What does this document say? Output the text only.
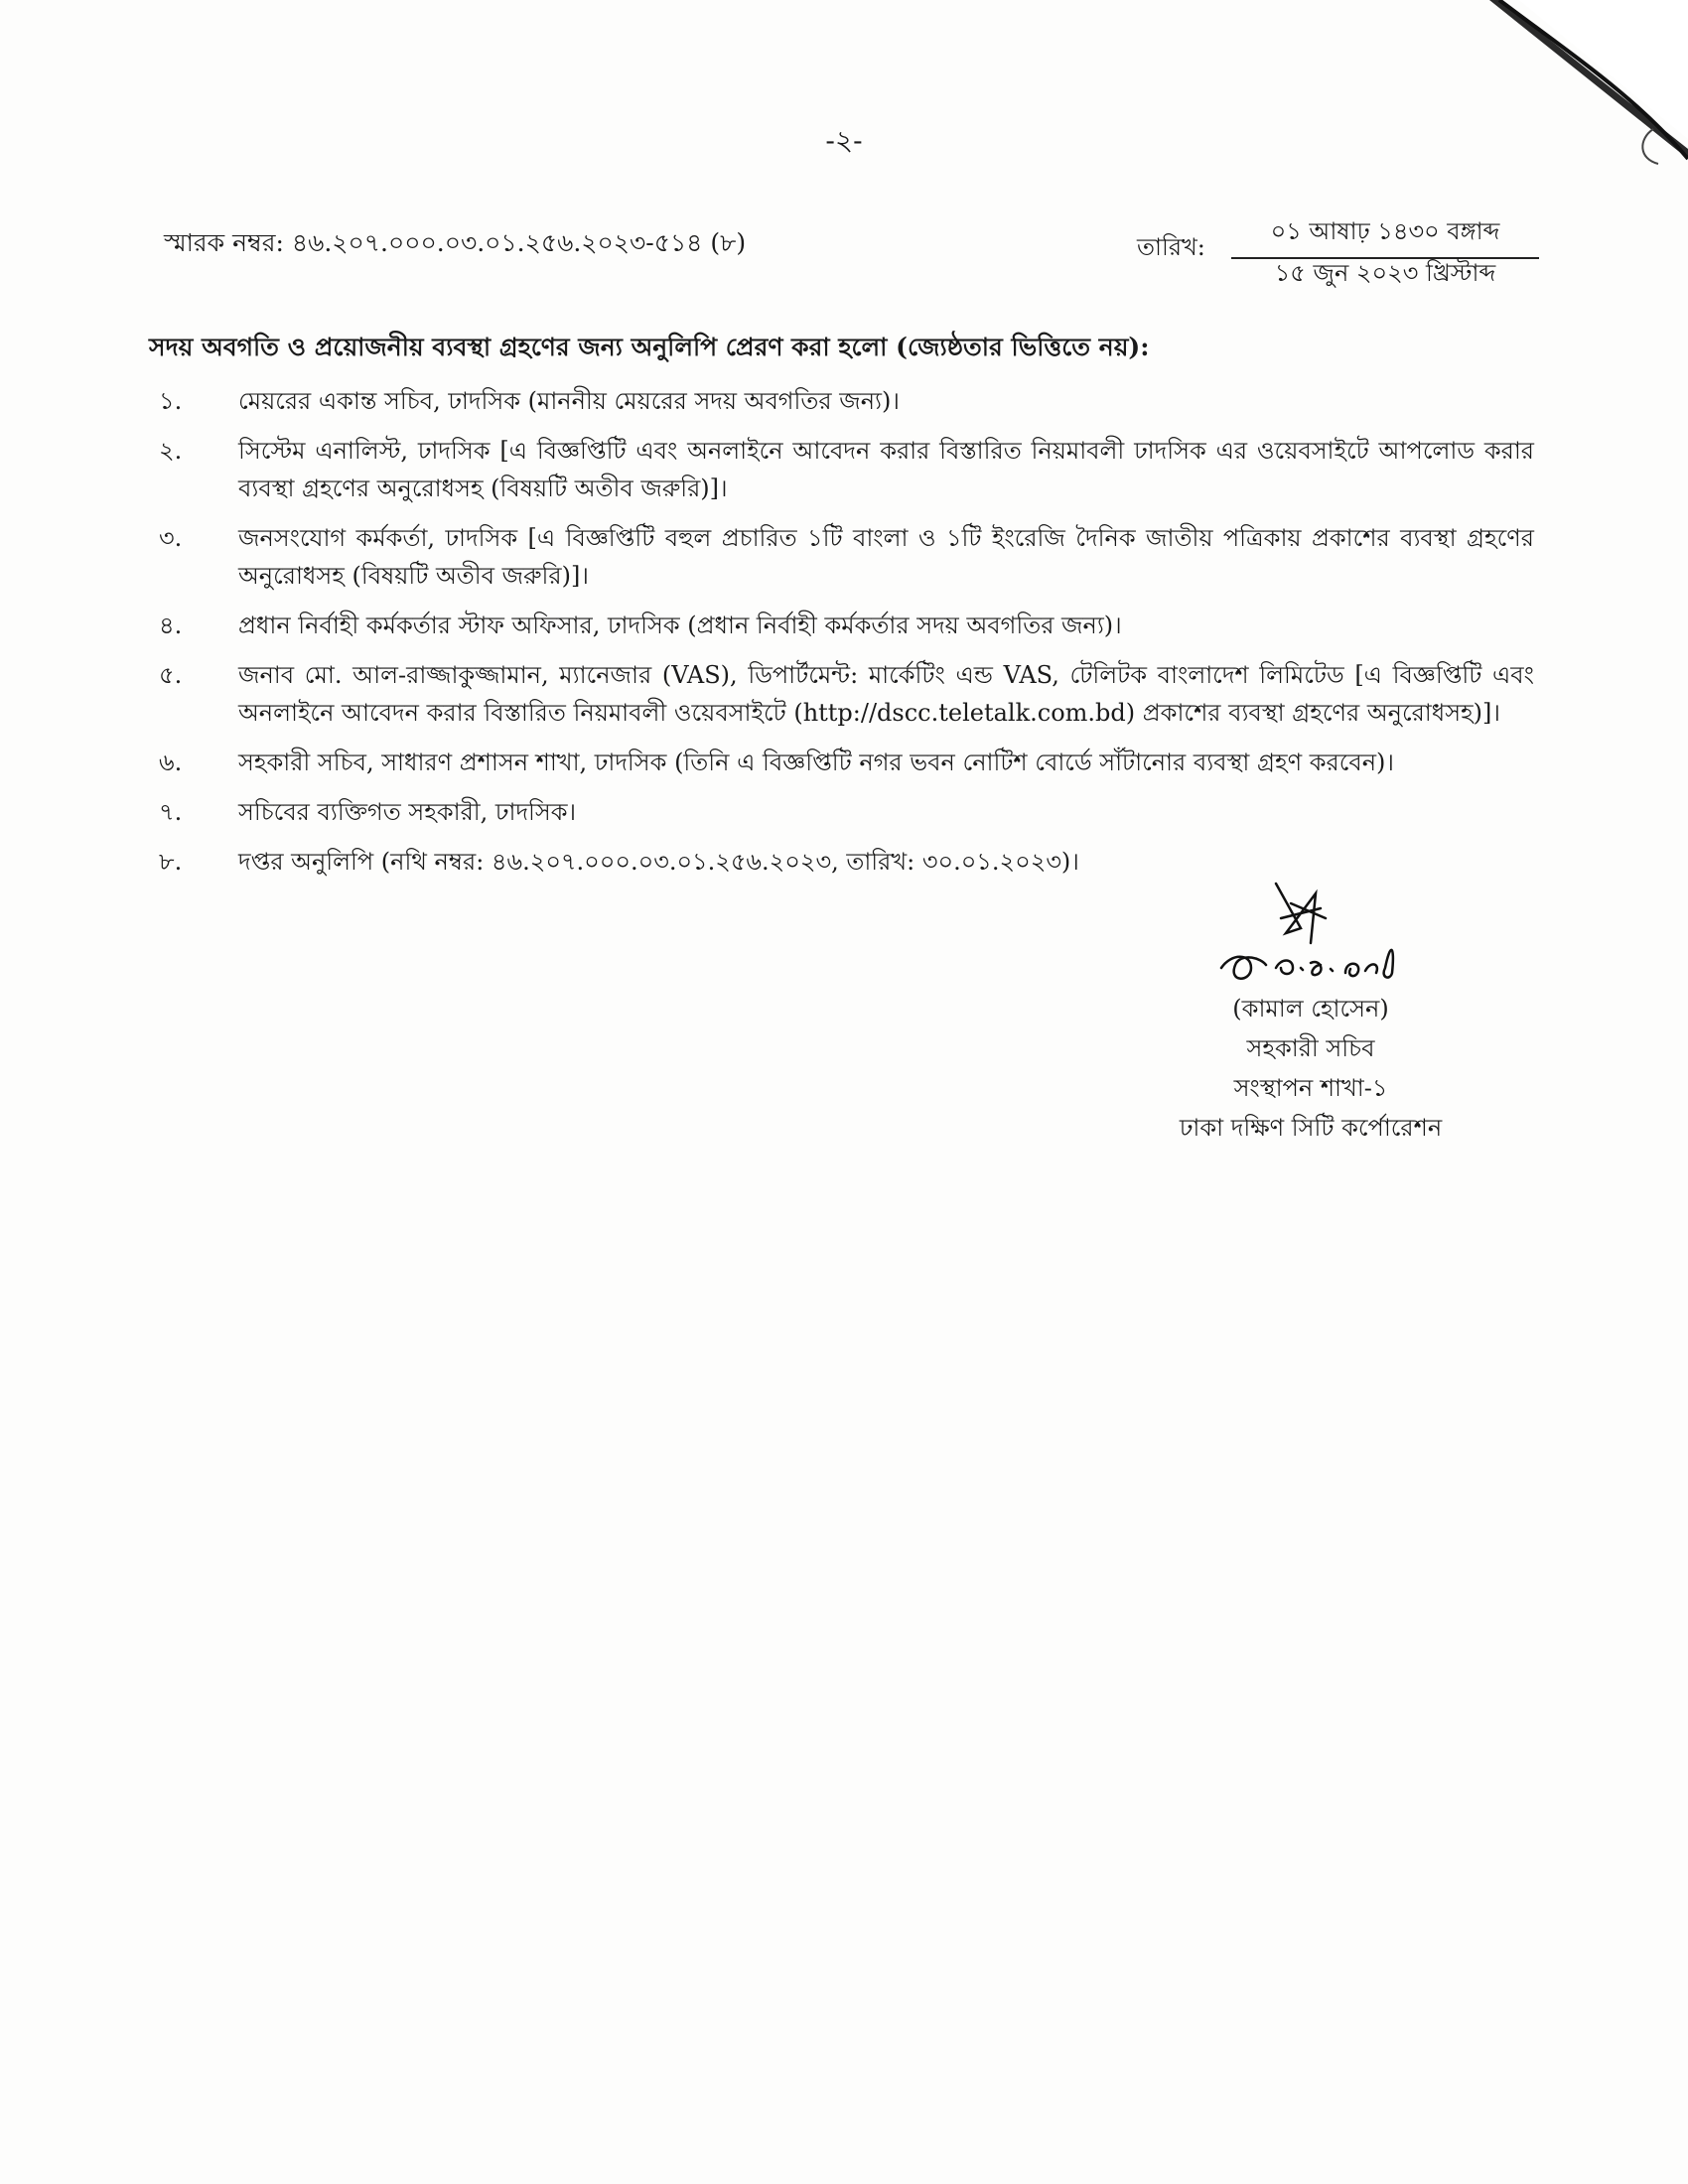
-২-
স্মারক নম্বর: ৪৬.২০৭.০০০.০৩.০১.২৫৬.২০২৩-৫১৪ (৮)	তারিখ:
০১ আষাঢ় ১৪৩০ বঙ্গাব্দ
১৫ জুন ২০২৩ খ্রিস্টাব্দ
সদয় অবগতি ও প্রয়োজনীয় ব্যবস্থা গ্রহণের জন্য অনুলিপি প্রেরণ করা হলো (জ্যেষ্ঠতার ভিত্তিতে নয়):
১.	মেয়রের একান্ত সচিব, ঢাদসিক (মাননীয় মেয়রের সদয় অবগতির জন্য)।
২.	সিস্টেম এনালিস্ট, ঢাদসিক [এ বিজ্ঞপ্তিটি এবং অনলাইনে আবেদন করার বিস্তারিত নিয়মাবলী ঢাদসিক এর ওয়েবসাইটে আপলোড করার ব্যবস্থা গ্রহণের অনুরোধসহ (বিষয়টি অতীব জরুরি)]।
৩.	জনসংযোগ কর্মকর্তা, ঢাদসিক [এ বিজ্ঞপ্তিটি বহুল প্রচারিত ১টি বাংলা ও ১টি ইংরেজি দৈনিক জাতীয় পত্রিকায় প্রকাশের ব্যবস্থা গ্রহণের অনুরোধসহ (বিষয়টি অতীব জরুরি)]।
৪.	প্রধান নির্বাহী কর্মকর্তার স্টাফ অফিসার, ঢাদসিক (প্রধান নির্বাহী কর্মকর্তার সদয় অবগতির জন্য)।
৫.	জনাব মো. আল-রাজ্জাকুজ্জামান, ম্যানেজার (VAS), ডিপার্টমেন্ট: মার্কেটিং এন্ড VAS, টেলিটক বাংলাদেশ লিমিটেড [এ বিজ্ঞপ্তিটি এবং অনলাইনে আবেদন করার বিস্তারিত নিয়মাবলী ওয়েবসাইটে (http://dscc.teletalk.com.bd) প্রকাশের ব্যবস্থা গ্রহণের অনুরোধসহ)]।
৬.	সহকারী সচিব, সাধারণ প্রশাসন শাখা, ঢাদসিক (তিনি এ বিজ্ঞপ্তিটি নগর ভবন নোটিশ বোর্ডে সাঁটানোর ব্যবস্থা গ্রহণ করবেন)।
৭.	সচিবের ব্যক্তিগত সহকারী, ঢাদসিক।
৮.	দপ্তর অনুলিপি (নথি নম্বর: ৪৬.২০৭.০০০.০৩.০১.২৫৬.২০২৩, তারিখ: ৩০.০১.২০২৩)।
(কামাল হোসেন)
সহকারী সচিব
সংস্থাপন শাখা-১
ঢাকা দক্ষিণ সিটি কর্পোরেশন
